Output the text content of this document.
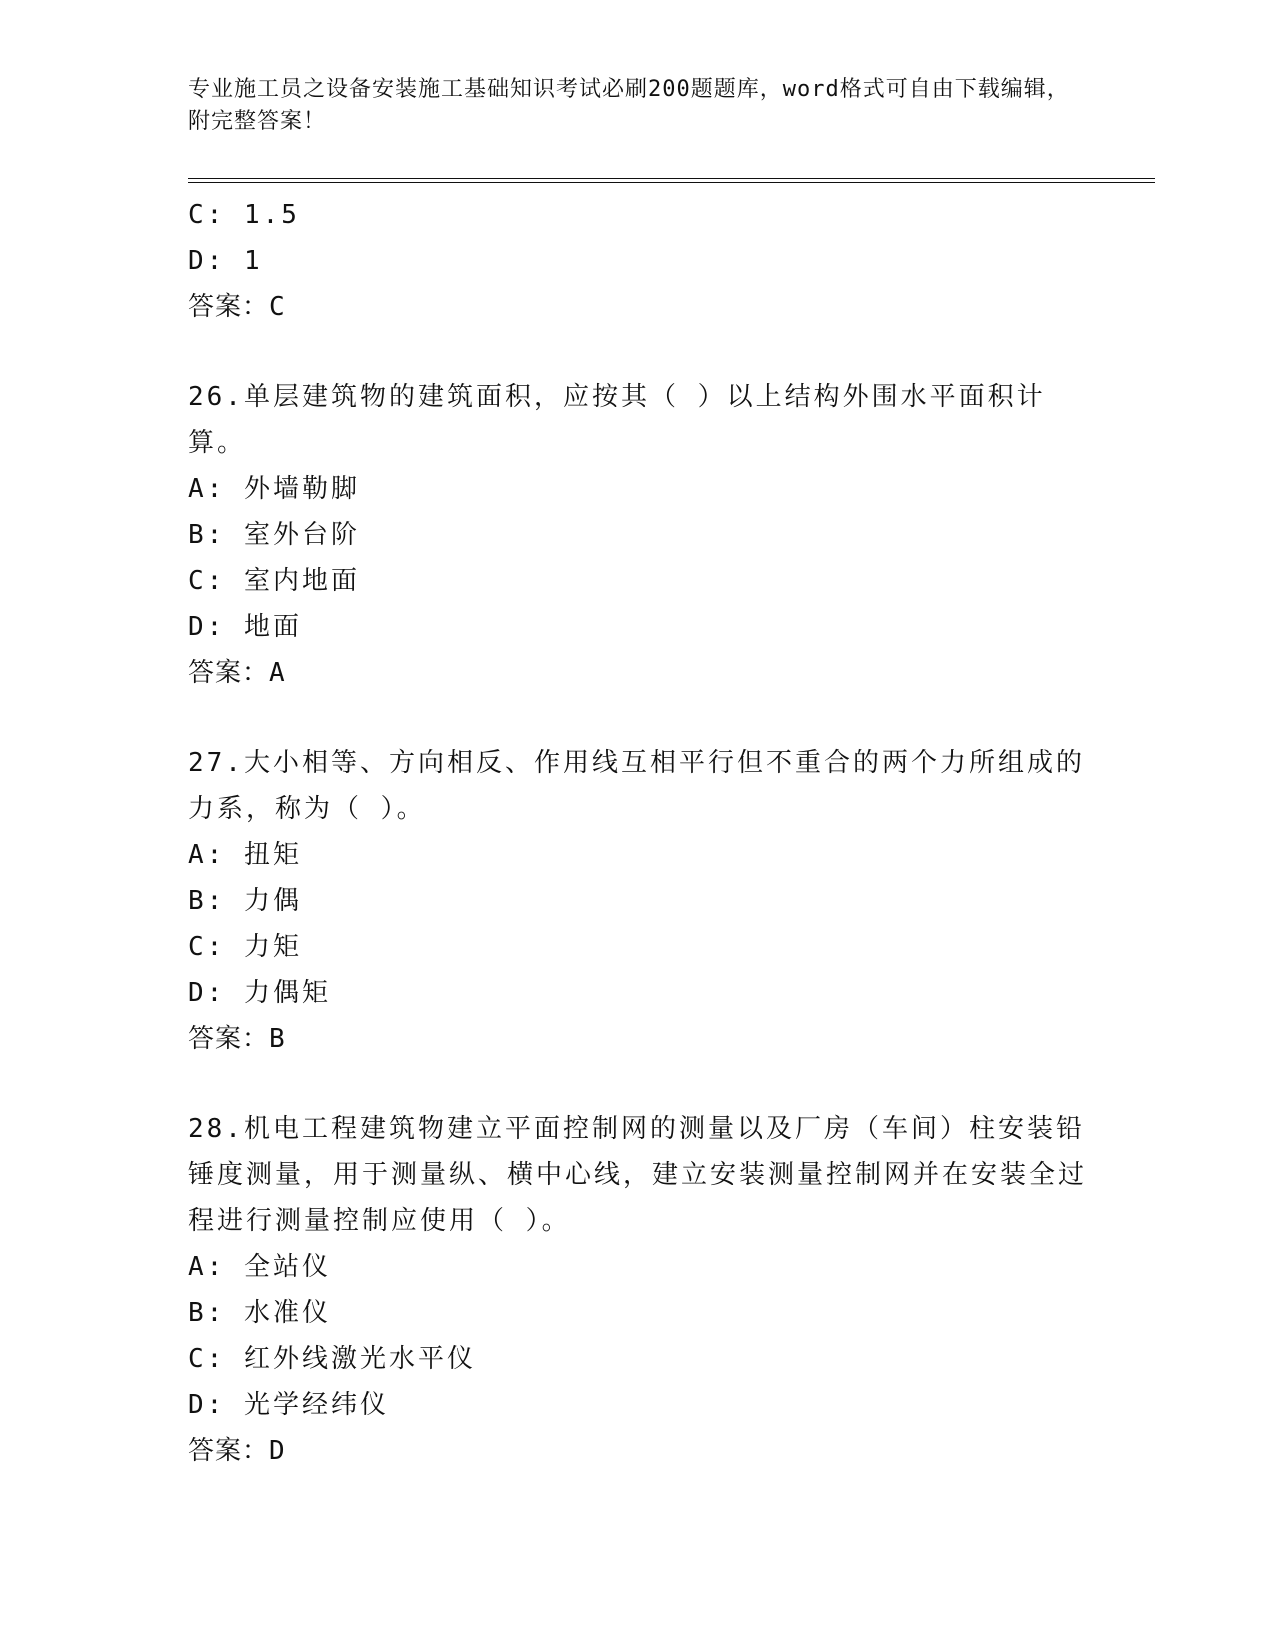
专业施工员之设备安装施工基础知识考试必刷200题题库，word格式可自由下载编辑，附完整答案！
C: 1.5
D: 1
答案：C
26.单层建筑物的建筑面积，应按其（ ）以上结构外围水平面积计算。
A: 外墙勒脚
B: 室外台阶
C: 室内地面
D: 地面
答案：A
27.大小相等、方向相反、作用线互相平行但不重合的两个力所组成的力系，称为（ ）。
A: 扭矩
B: 力偶
C: 力矩
D: 力偶矩
答案：B
28.机电工程建筑物建立平面控制网的测量以及厂房（车间）柱安装铅锤度测量，用于测量纵、横中心线，建立安装测量控制网并在安装全过程进行测量控制应使用（ ）。
A: 全站仪
B: 水准仪
C: 红外线激光水平仪
D: 光学经纬仪
答案：D
